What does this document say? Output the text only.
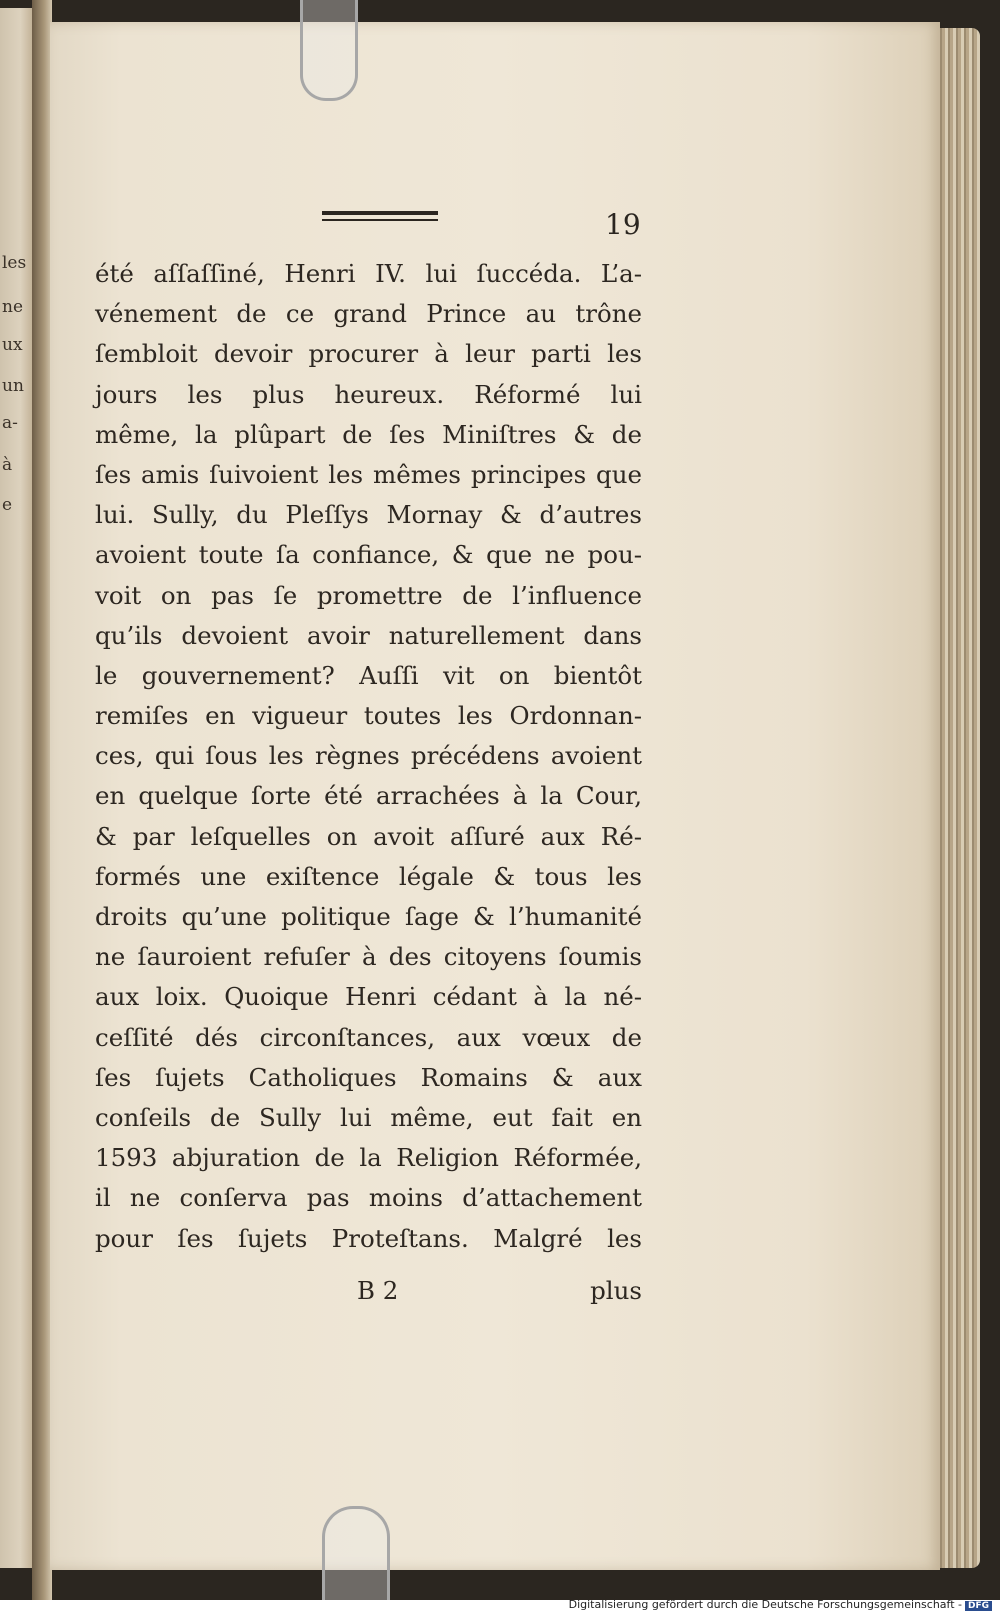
les
ne
ux
un
a-
à
e
19
été aſſaſſiné, Henri IV. lui ſuccéda. L’a-
vénement de ce grand Prince au trône
ſembloit devoir procurer à leur parti les
jours les plus heureux. Réformé lui
même, la plûpart de ſes Miniſtres & de
ſes amis ſuivoient les mêmes principes que
lui. Sully, du Pleſſys Mornay & d’autres
avoient toute ſa confiance, & que ne pou-
voit on pas ſe promettre de l’influence
qu’ils devoient avoir naturellement dans
le gouvernement? Auſſi vit on bientôt
remiſes en vigueur toutes les Ordonnan-
ces, qui ſous les règnes précédens avoient
en quelque ſorte été arrachées à la Cour,
& par leſquelles on avoit aſſuré aux Ré-
formés une exiſtence légale & tous les
droits qu’une politique ſage & l’humanité
ne ſauroient refuſer à des citoyens ſoumis
aux loix. Quoique Henri cédant à la né-
ceſſité dés circonſtances, aux vœux de
ſes ſujets Catholiques Romains & aux
conſeils de Sully lui même, eut fait en
1593 abjuration de la Religion Réformée,
il ne conſerva pas moins d’attachement
pour ſes ſujets Proteſtans. Malgré les
B 2	plus
Digitalisierung gefördert durch die Deutsche Forschungsgemeinschaft - DFG
